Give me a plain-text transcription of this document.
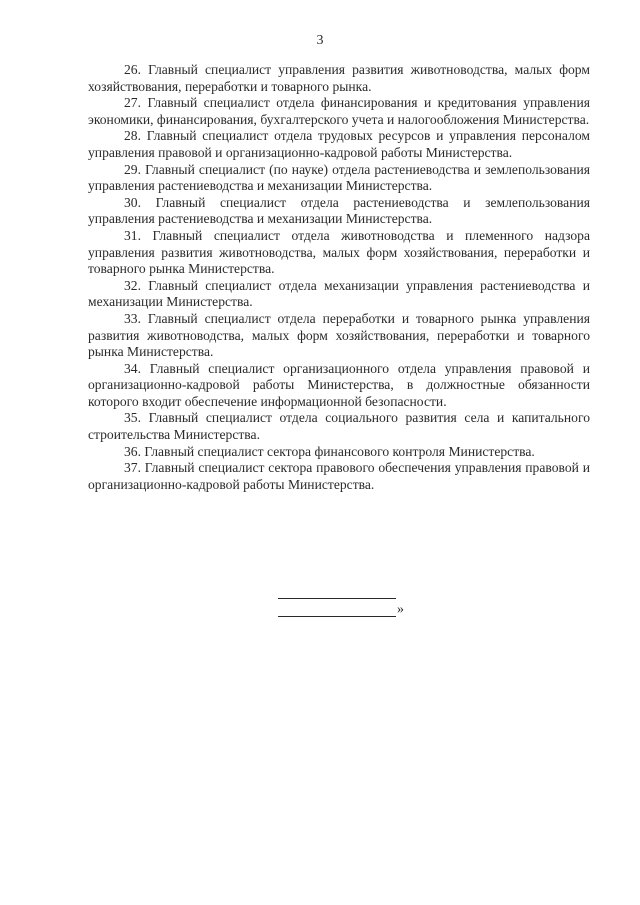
3

26. Главный специалист управления развития животноводства, малых форм хозяйствования, переработки и товарного рынка.

27. Главный специалист отдела финансирования и кредитования управления экономики, финансирования, бухгалтерского учета и налогообложения Министерства.

28. Главный специалист отдела трудовых ресурсов и управления персоналом управления правовой и организационно-кадровой работы Министерства.

29. Главный специалист (по науке) отдела растениеводства и землепользования управления растениеводства и механизации Министерства.

30. Главный специалист отдела растениеводства и землепользования управления растениеводства и механизации Министерства.

31. Главный специалист отдела животноводства и племенного надзора управления развития животноводства, малых форм хозяйствования, переработки и товарного рынка Министерства.

32. Главный специалист отдела механизации управления растениеводства и механизации Министерства.

33. Главный специалист отдела переработки и товарного рынка управления развития животноводства, малых форм хозяйствования, переработки и товарного рынка Министерства.

34. Главный специалист организационного отдела управления правовой и организационно-кадровой работы Министерства, в должностные обязанности которого входит обеспечение информационной безопасности.

35. Главный специалист отдела социального развития села и капитального строительства Министерства.

36. Главный специалист сектора финансового контроля Министерства.

37. Главный специалист сектора правового обеспечения управления правовой и организационно-кадровой работы Министерства.

»
